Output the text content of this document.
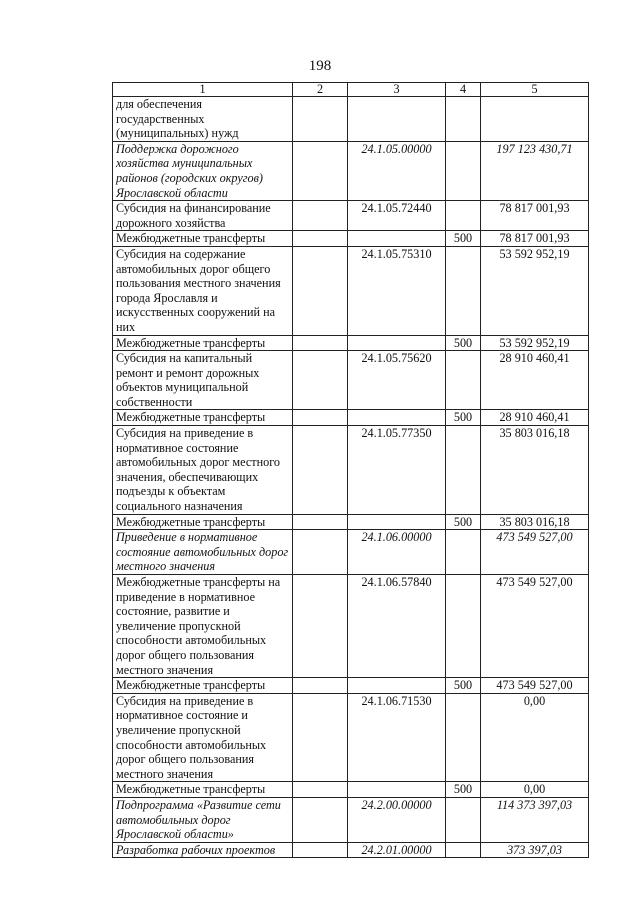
198
1	2	3	4	5
для обеспечения государственных (муниципальных) нужд				
Поддержка дорожного хозяйства муниципальных районов (городских округов) Ярославской области		24.1.05.00000		197 123 430,71
Субсидия на финансирование дорожного хозяйства		24.1.05.72440		78 817 001,93
Межбюджетные трансферты			500	78 817 001,93
Субсидия на содержание автомобильных дорог общего пользования местного значения города Ярославля и искусственных сооружений на них		24.1.05.75310		53 592 952,19
Межбюджетные трансферты			500	53 592 952,19
Субсидия на капитальный ремонт и ремонт дорожных объектов муниципальной собственности		24.1.05.75620		28 910 460,41
Межбюджетные трансферты			500	28 910 460,41
Субсидия на приведение в нормативное состояние автомобильных дорог местного значения, обеспечивающих подъезды к объектам социального назначения		24.1.05.77350		35 803 016,18
Межбюджетные трансферты			500	35 803 016,18
Приведение в нормативное состояние автомобильных дорог местного значения		24.1.06.00000		473 549 527,00
Межбюджетные трансферты на приведение в нормативное состояние, развитие и увеличение пропускной способности автомобильных дорог общего пользования местного значения		24.1.06.57840		473 549 527,00
Межбюджетные трансферты			500	473 549 527,00
Субсидия на приведение в нормативное состояние и увеличение пропускной способности автомобильных дорог общего пользования местного значения		24.1.06.71530		0,00
Межбюджетные трансферты			500	0,00
Подпрограмма «Развитие сети автомобильных дорог Ярославской области»		24.2.00.00000		114 373 397,03
Разработка рабочих проектов		24.2.01.00000		373 397,03
